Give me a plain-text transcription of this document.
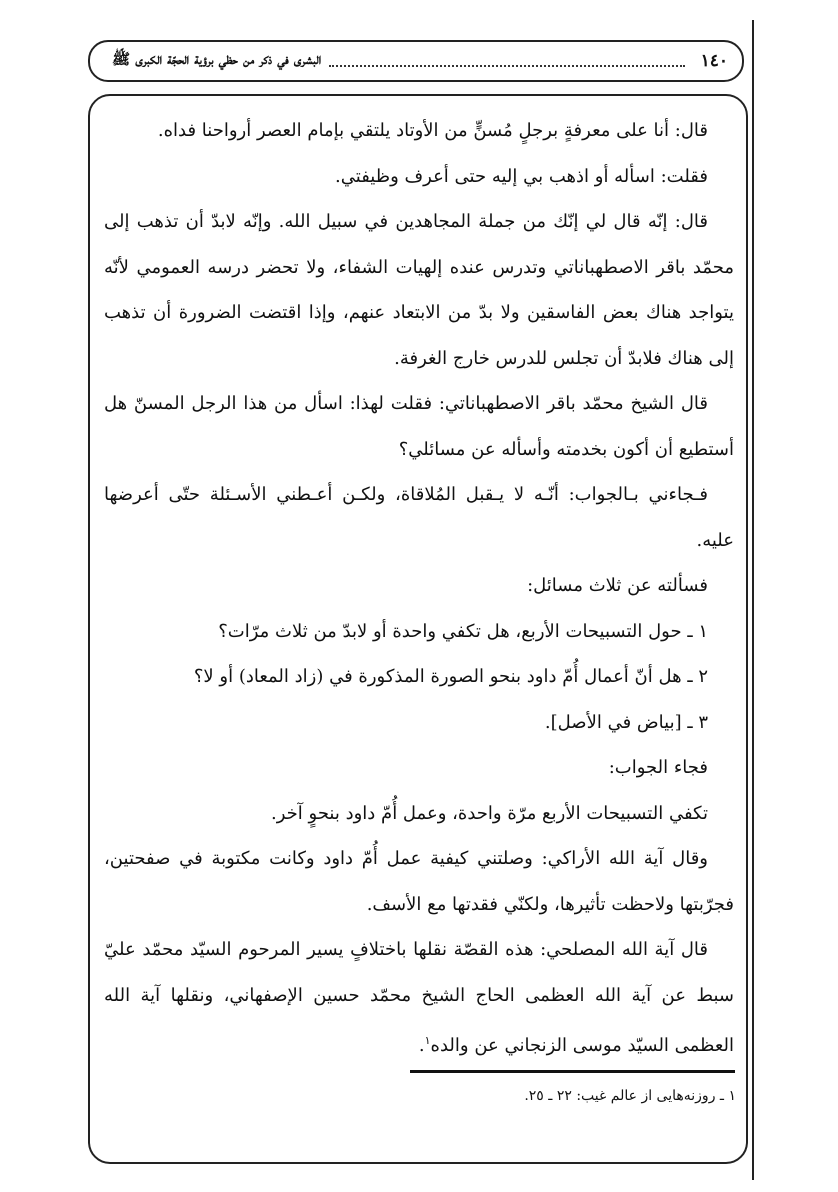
١٤٠
البشرى في ذكر من حظي برؤية الحجّة الكبرى ﷺ

قال: أنا على معرفةٍ برجلٍ مُسنٍّ من الأوتاد يلتقي بإمام العصر أرواحنا فداه.

فقلت: اسأله أو اذهب بي إليه حتى أعرف وظيفتي.

قال: إنّه قال لي إنّك من جملة المجاهدين في سبيل الله. وإنّه لابدّ أن تذهب إلى محمّد باقر الاصطهباناتي وتدرس عنده إلهيات الشفاء، ولا تحضر درسه العمومي لأنّه يتواجد هناك بعض الفاسقين ولا بدّ من الابتعاد عنهم، وإذا اقتضت الضرورة أن تذهب إلى هناك فلابدّ أن تجلس للدرس خارج الغرفة.

قال الشيخ محمّد باقر الاصطهباناتي: فقلت لهذا: اسأل من هذا الرجل المسنّ هل أستطيع أن أكون بخدمته وأسأله عن مسائلي؟

فـجاءني بـالجواب: أنّـه لا يـقبل المُلاقاة، ولكـن أعـطني الأسـئلة حتّى أعرضها عليه.

فسألته عن ثلاث مسائل:

١ ـ حول التسبيحات الأربع، هل تكفي واحدة أو لابدّ من ثلاث مرّات؟

٢ ـ هل أنّ أعمال أُمّ داود بنحو الصورة المذكورة في (زاد المعاد) أو لا؟

٣ ـ [بياض في الأصل].

فجاء الجواب:

تكفي التسبيحات الأربع مرّة واحدة، وعمل أُمّ داود بنحوٍ آخر.

وقال آية الله الأراكي: وصلتني كيفية عمل أُمّ داود وكانت مكتوبة في صفحتين، فجرّبتها ولاحظت تأثيرها، ولكنّي فقدتها مع الأسف.

قال آية الله المصلحي: هذه القصّة نقلها باختلافٍ يسير المرحوم السيّد محمّد عليّ سبط عن آية الله العظمى الحاج الشيخ محمّد حسين الإصفهاني، ونقلها آية الله العظمى السيّد موسى الزنجاني عن والده$^١$.

١ ـ روزنه‌هايى از عالم غيب: ٢٢ ـ ٢٥.
